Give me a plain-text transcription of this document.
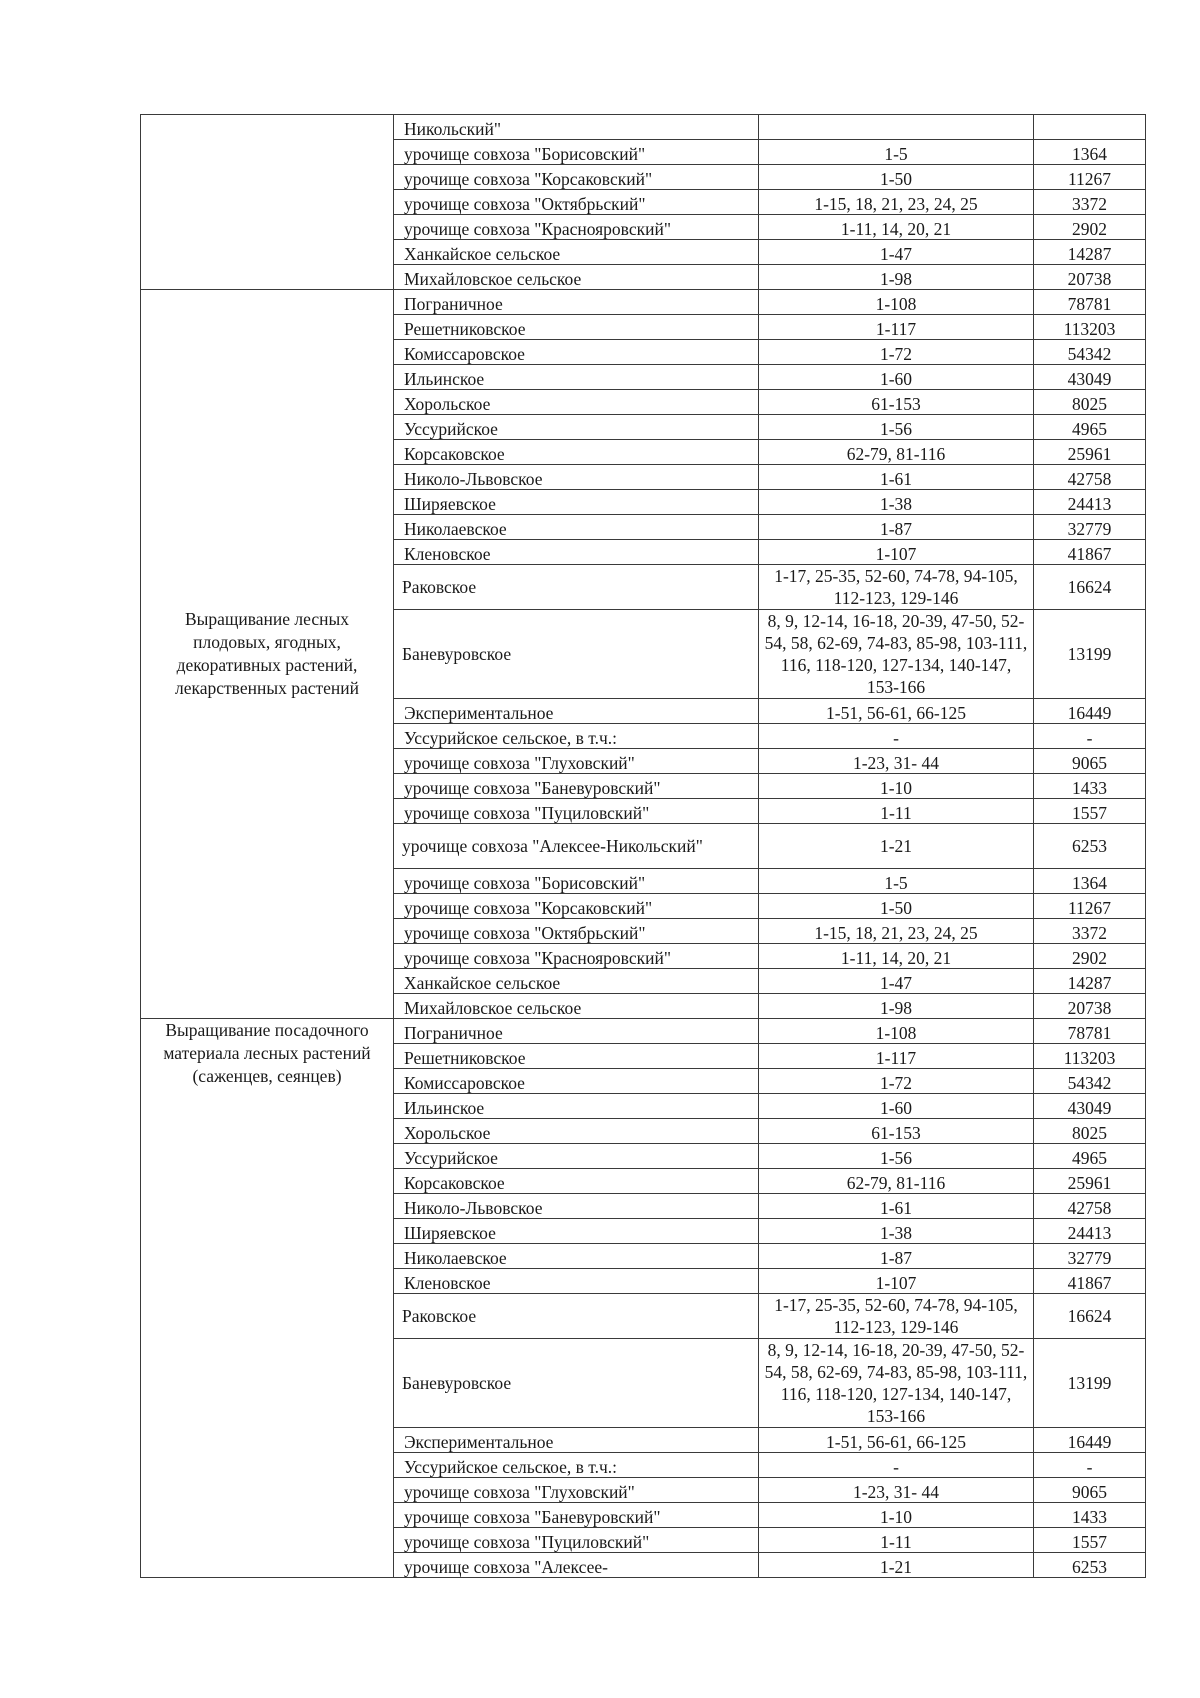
	Никольский"		
	урочище совхоза "Борисовский"	1-5	1364
	урочище совхоза "Корсаковский"	1-50	11267
	урочище совхоза "Октябрьский"	1-15, 18, 21, 23, 24, 25	3372
	урочище совхоза "Краснояровский"	1-11, 14, 20, 21	2902
	Ханкайское сельское	1-47	14287
	Михайловское сельское	1-98	20738
Выращивание лесных плодовых, ягодных, декоративных растений, лекарственных растений	Пограничное	1-108	78781
	Решетниковское	1-117	113203
	Комиссаровское	1-72	54342
	Ильинское	1-60	43049
	Хорольское	61-153	8025
	Уссурийское	1-56	4965
	Корсаковское	62-79, 81-116	25961
	Николо-Львовское	1-61	42758
	Ширяевское	1-38	24413
	Николаевское	1-87	32779
	Кленовское	1-107	41867
	Раковское	1-17, 25-35, 52-60, 74-78, 94-105, 112-123, 129-146	16624
	Баневуровское	8, 9, 12-14, 16-18, 20-39, 47-50, 52-54, 58, 62-69, 74-83, 85-98, 103-111, 116, 118-120, 127-134, 140-147, 153-166	13199
	Экспериментальное	1-51, 56-61, 66-125	16449
	Уссурийское сельское, в т.ч.:	-	-
	урочище совхоза "Глуховский"	1-23, 31- 44	9065
	урочище совхоза "Баневуровский"	1-10	1433
	урочище совхоза "Пуциловский"	1-11	1557
	урочище совхоза "Алексее-Никольский"	1-21	6253
	урочище совхоза "Борисовский"	1-5	1364
	урочище совхоза "Корсаковский"	1-50	11267
	урочище совхоза "Октябрьский"	1-15, 18, 21, 23, 24, 25	3372
	урочище совхоза "Краснояровский"	1-11, 14, 20, 21	2902
	Ханкайское сельское	1-47	14287
	Михайловское сельское	1-98	20738
Выращивание посадочного материала лесных растений (саженцев, сеянцев)	Пограничное	1-108	78781
	Решетниковское	1-117	113203
	Комиссаровское	1-72	54342
	Ильинское	1-60	43049
	Хорольское	61-153	8025
	Уссурийское	1-56	4965
	Корсаковское	62-79, 81-116	25961
	Николо-Львовское	1-61	42758
	Ширяевское	1-38	24413
	Николаевское	1-87	32779
	Кленовское	1-107	41867
	Раковское	1-17, 25-35, 52-60, 74-78, 94-105, 112-123, 129-146	16624
	Баневуровское	8, 9, 12-14, 16-18, 20-39, 47-50, 52-54, 58, 62-69, 74-83, 85-98, 103-111, 116, 118-120, 127-134, 140-147, 153-166	13199
	Экспериментальное	1-51, 56-61, 66-125	16449
	Уссурийское сельское, в т.ч.:	-	-
	урочище совхоза "Глуховский"	1-23, 31- 44	9065
	урочище совхоза "Баневуровский"	1-10	1433
	урочище совхоза "Пуциловский"	1-11	1557
	урочище совхоза "Алексее-	1-21	6253
